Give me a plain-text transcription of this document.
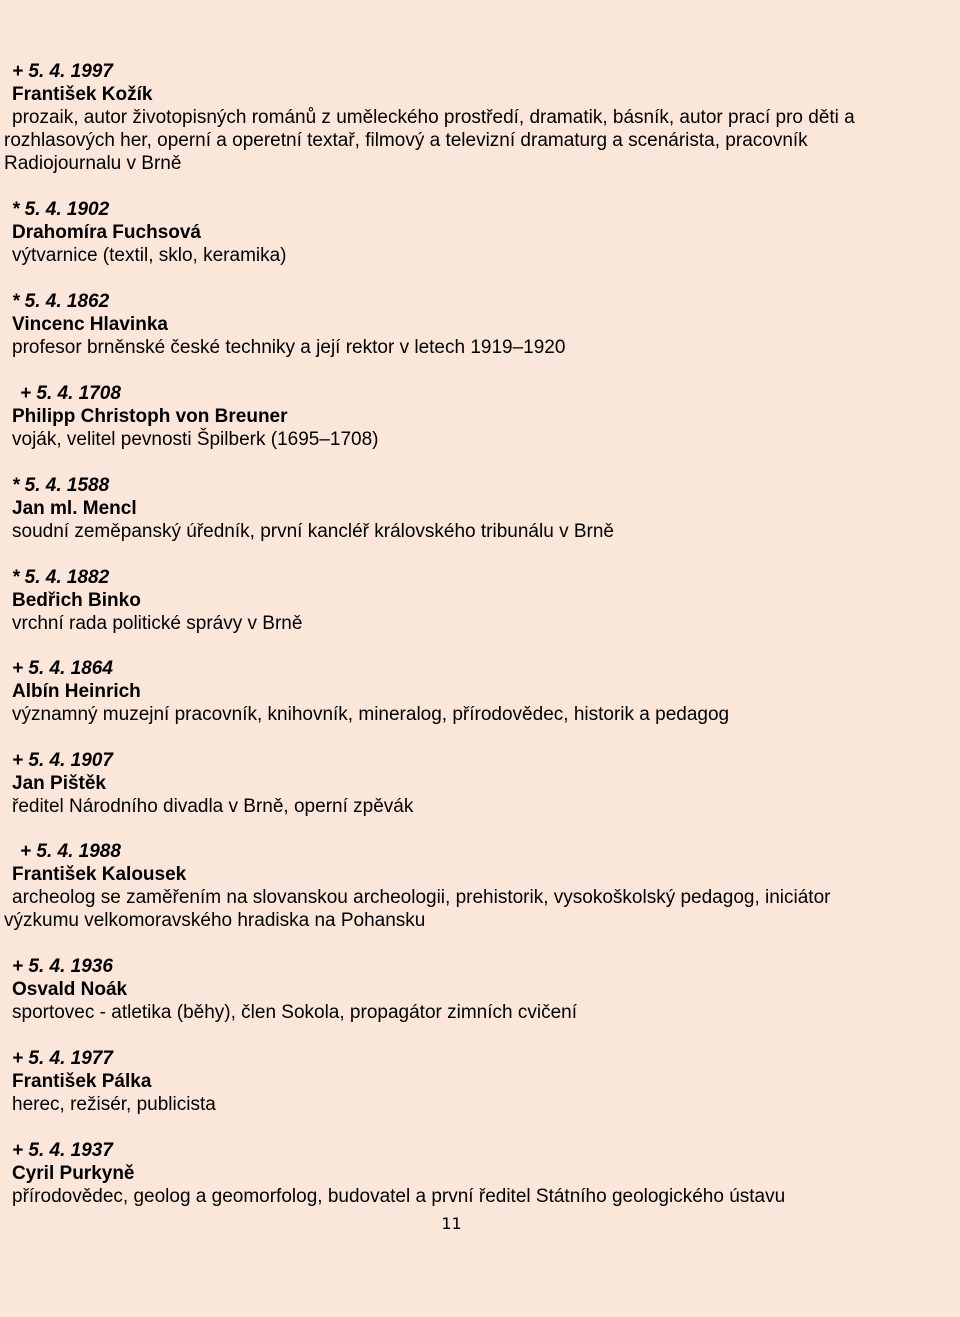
+ 5. 4. 1997
František Kožík
prozaik, autor životopisných románů z uměleckého prostředí, dramatik, básník, autor prací pro děti a
rozhlasových her, operní a operetní textař, filmový a televizní dramaturg a scenárista, pracovník
Radiojournalu v Brně
* 5. 4. 1902
Drahomíra Fuchsová
výtvarnice (textil, sklo, keramika)
* 5. 4. 1862
Vincenc Hlavinka
profesor brněnské české techniky a její rektor v letech 1919–1920
+ 5. 4. 1708
Philipp Christoph von Breuner
voják, velitel pevnosti Špilberk (1695–1708)
* 5. 4. 1588
Jan ml. Mencl
soudní zeměpanský úředník, první kancléř královského tribunálu v Brně
* 5. 4. 1882
Bedřich Binko
vrchní rada politické správy v Brně
+ 5. 4. 1864
Albín Heinrich
významný muzejní pracovník, knihovník, mineralog, přírodovědec, historik a pedagog
+ 5. 4. 1907
Jan Pištěk
ředitel Národního divadla v Brně, operní zpěvák
+ 5. 4. 1988
František Kalousek
archeolog se zaměřením na slovanskou archeologii, prehistorik, vysokoškolský pedagog, iniciátor
výzkumu velkomoravského hradiska na Pohansku
+ 5. 4. 1936
Osvald Noák
sportovec - atletika (běhy), člen Sokola, propagátor zimních cvičení
+ 5. 4. 1977
František Pálka
herec, režisér, publicista
+ 5. 4. 1937
Cyril Purkyně
přírodovědec, geolog a geomorfolog, budovatel a první ředitel Státního geologického ústavu
11
